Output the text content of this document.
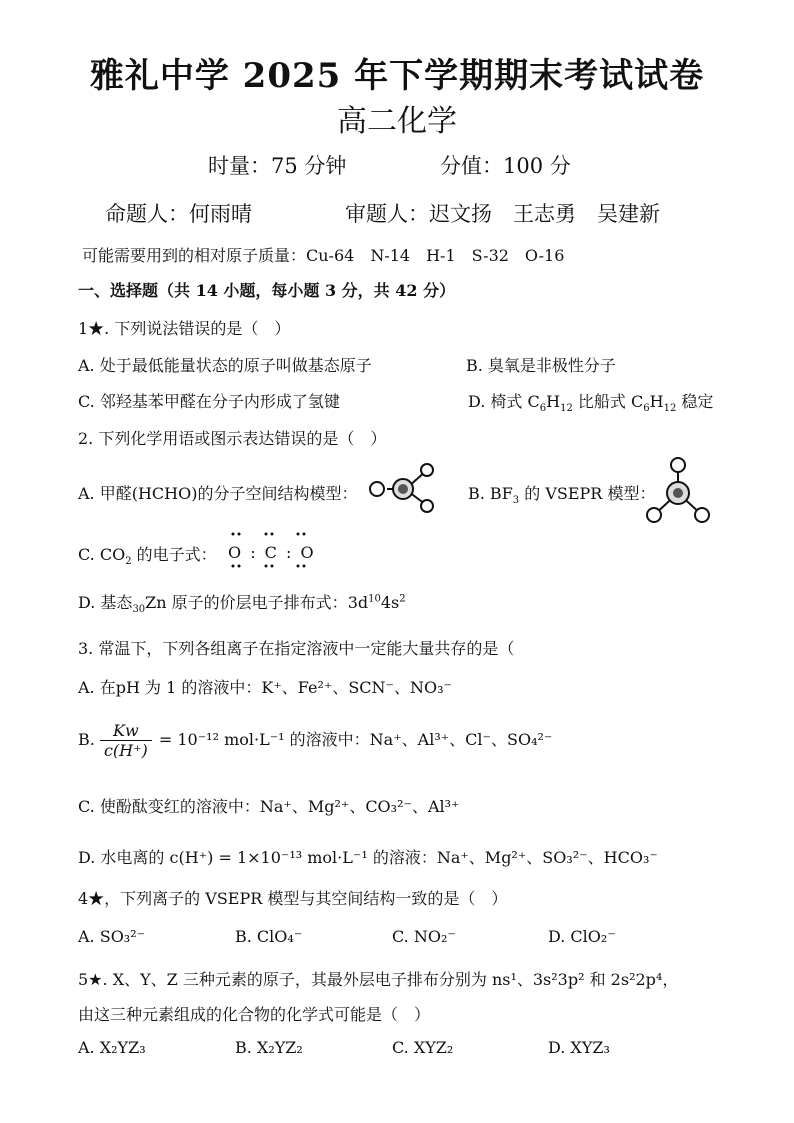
雅礼中学 2025 年下学期期末考试试卷
高二化学
时量：75 分钟	分值：100 分
命题人：何雨晴	审题人：迟文扬　王志勇　吴建新
可能需要用到的相对原子质量：Cu-64　N-14　H-1　S-32　O-16
一、选择题（共 14 小题，每小题 3 分，共 42 分）
1★. 下列说法错误的是（　）
A. 处于最低能量状态的原子叫做基态原子	B. 臭氧是非极性分子
C. 邻羟基苯甲醛在分子内形成了氢键	D. 椅式 $C_6H_{12}$ 比船式 $C_6H_{12}$ 稳定
2. 下列化学用语或图示表达错误的是（　）
A. 甲醛(HCHO)的分子空间结构模型：	B. $BF_3$ 的 VSEPR 模型：
C. $CO_2$ 的电子式： O : C : O
D. 基态$_{30}$Zn 原子的价层电子排布式：$3d^{10}4s^2$
3. 常温下，下列各组离子在指定溶液中一定能大量共存的是（
A. 在pH 为 1 的溶液中：K⁺、Fe²⁺、SCN⁻、NO₃⁻
B. $\frac{Kw}{c(H^+)} = 10^{-12}$ mol·L⁻¹ 的溶液中：Na⁺、Al³⁺、Cl⁻、SO₄²⁻
C. 使酚酞变红的溶液中：Na⁺、Mg²⁺、CO₃²⁻、Al³⁺
D. 水电离的 c(H⁺) = 1×10⁻¹³ mol·L⁻¹ 的溶液：Na⁺、Mg²⁺、SO₃²⁻、HCO₃⁻
4★，下列离子的 VSEPR 模型与其空间结构一致的是（　）
A. SO₃²⁻	B. ClO₄⁻	C. NO₂⁻	D. ClO₂⁻
5★. X、Y、Z 三种元素的原子，其最外层电子排布分别为 ns¹、3s²3p² 和 2s²2p⁴，
由这三种元素组成的化合物的化学式可能是（　）
A. X₂YZ₃	B. X₂YZ₂	C. XYZ₂	D. XYZ₃
